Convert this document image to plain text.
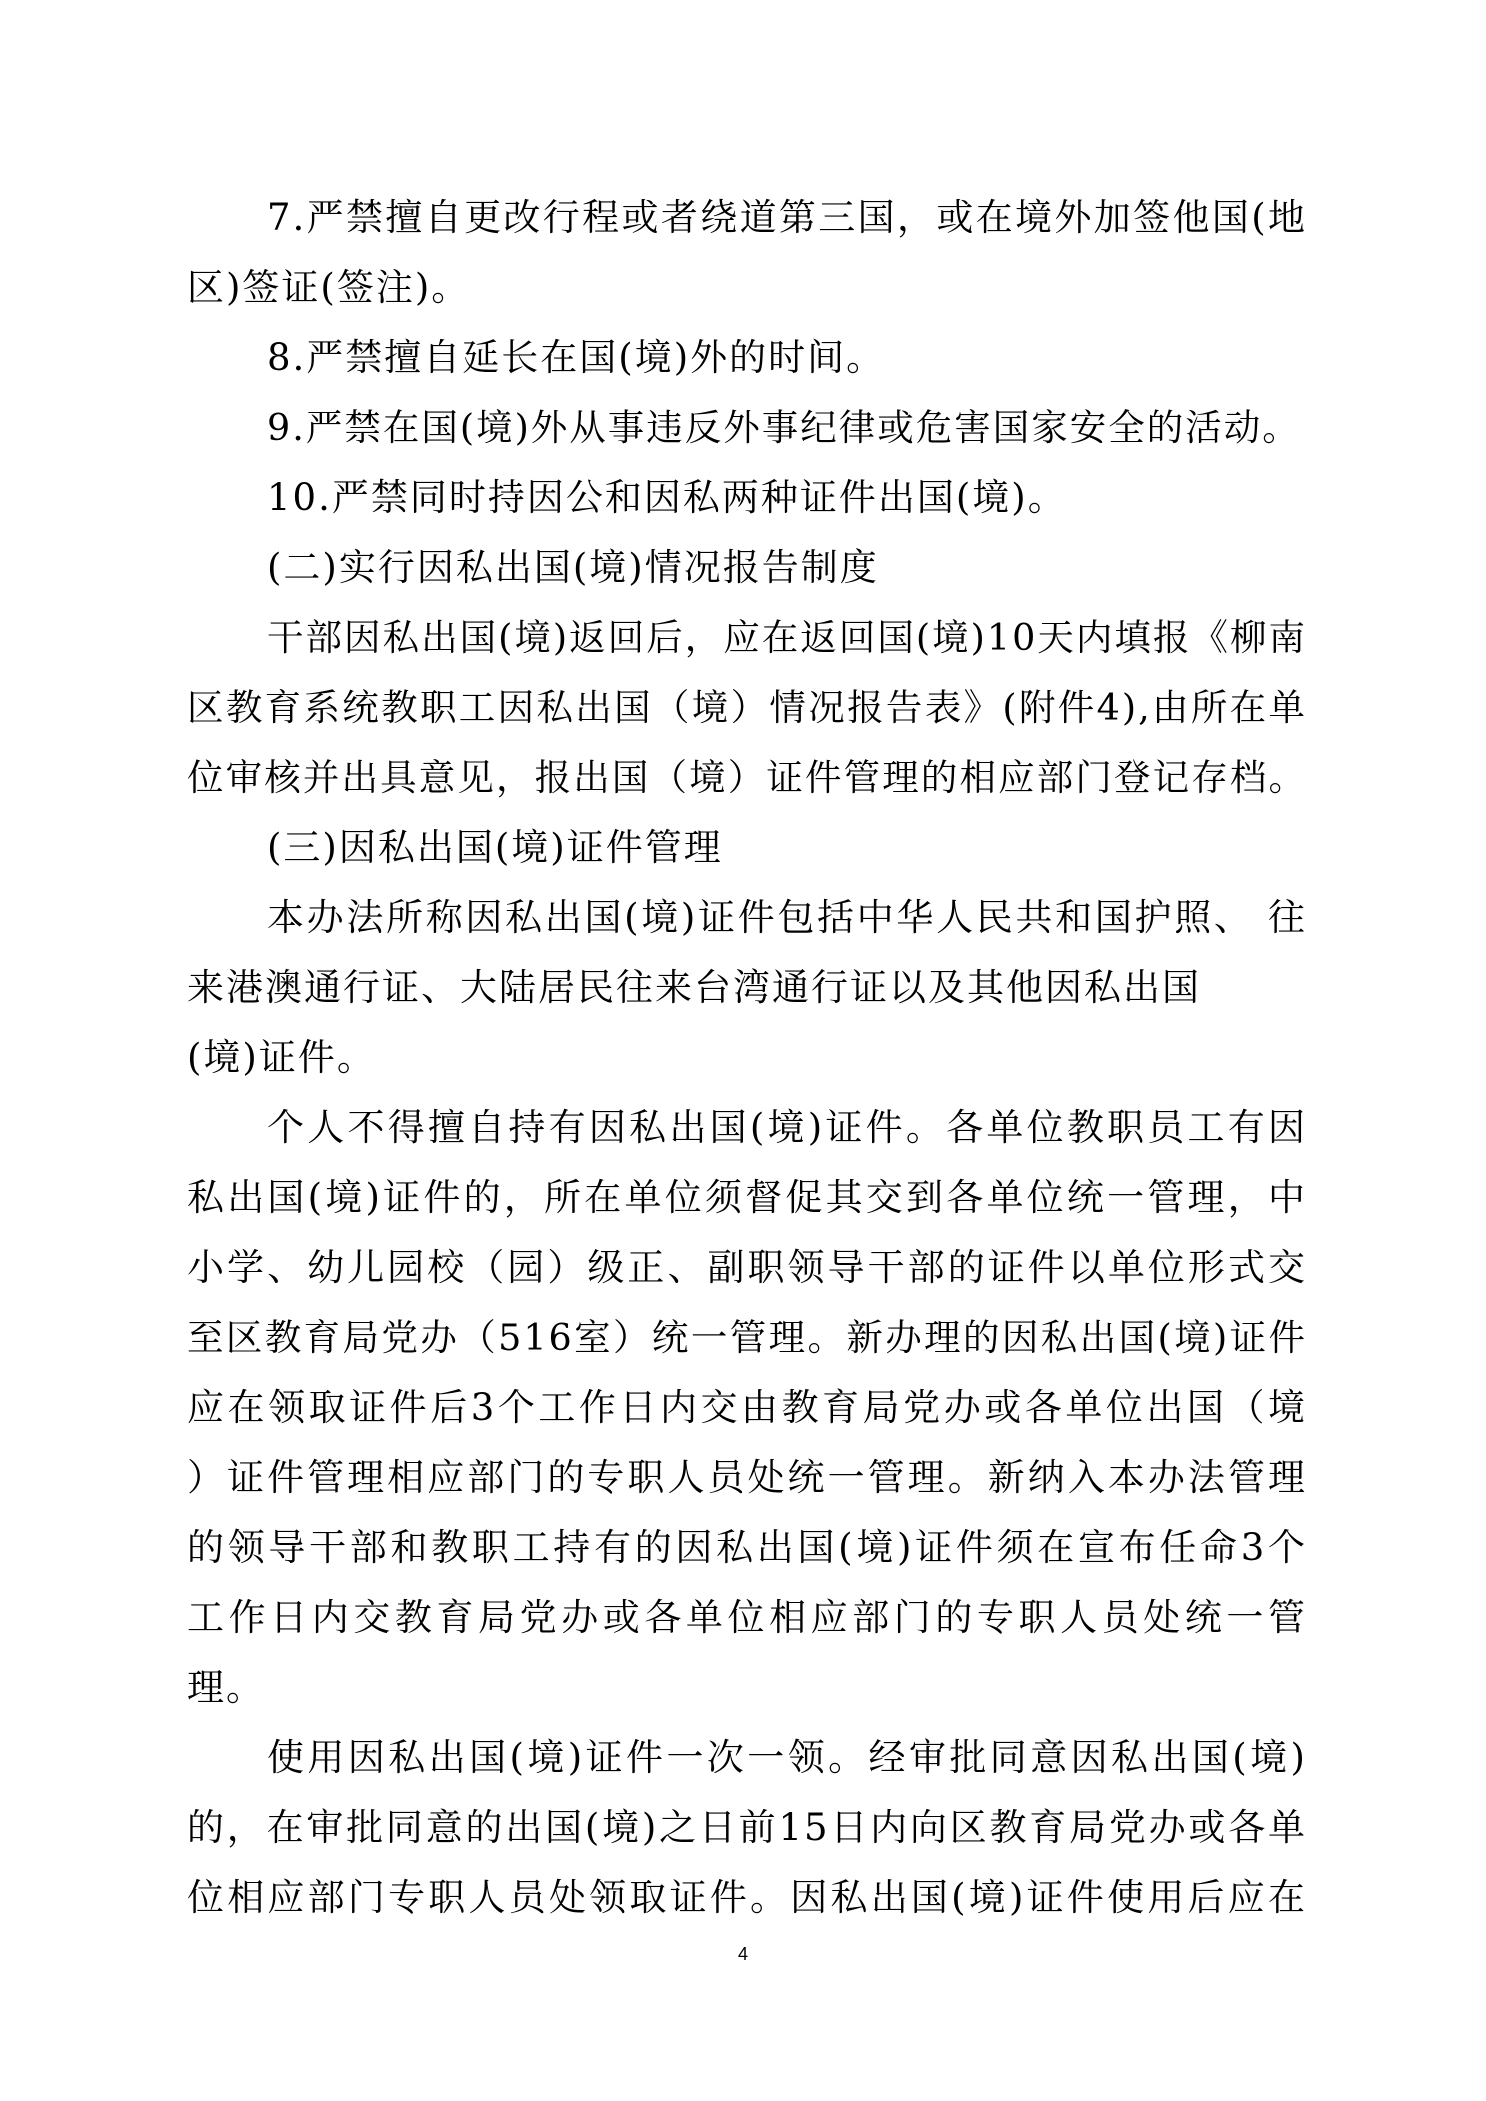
7.严禁擅自更改行程或者绕道第三国，或在境外加签他国(地
区)签证(签注)。
8.严禁擅自延长在国(境)外的时间。
9.严禁在国(境)外从事违反外事纪律或危害国家安全的活动。
10.严禁同时持因公和因私两种证件出国(境)。
(二)实行因私出国(境)情况报告制度
干部因私出国(境)返回后，应在返回国(境)10天内填报《柳南
区教育系统教职工因私出国（境）情况报告表》(附件4),由所在单
位审核并出具意见，报出国（境）证件管理的相应部门登记存档。
(三)因私出国(境)证件管理
本办法所称因私出国(境)证件包括中华人民共和国护照、 往
来港澳通行证、大陆居民往来台湾通行证以及其他因私出国
(境)证件。
个人不得擅自持有因私出国(境)证件。各单位教职员工有因
私出国(境)证件的，所在单位须督促其交到各单位统一管理，中
小学、幼儿园校（园）级正、副职领导干部的证件以单位形式交
至区教育局党办（516室）统一管理。新办理的因私出国(境)证件
应在领取证件后3个工作日内交由教育局党办或各单位出国（境
）证件管理相应部门的专职人员处统一管理。新纳入本办法管理
的领导干部和教职工持有的因私出国(境)证件须在宣布任命3个
工作日内交教育局党办或各单位相应部门的专职人员处统一管
理。
使用因私出国(境)证件一次一领。经审批同意因私出国(境)
的，在审批同意的出国(境)之日前15日内向区教育局党办或各单
位相应部门专职人员处领取证件。因私出国(境)证件使用后应在
4
